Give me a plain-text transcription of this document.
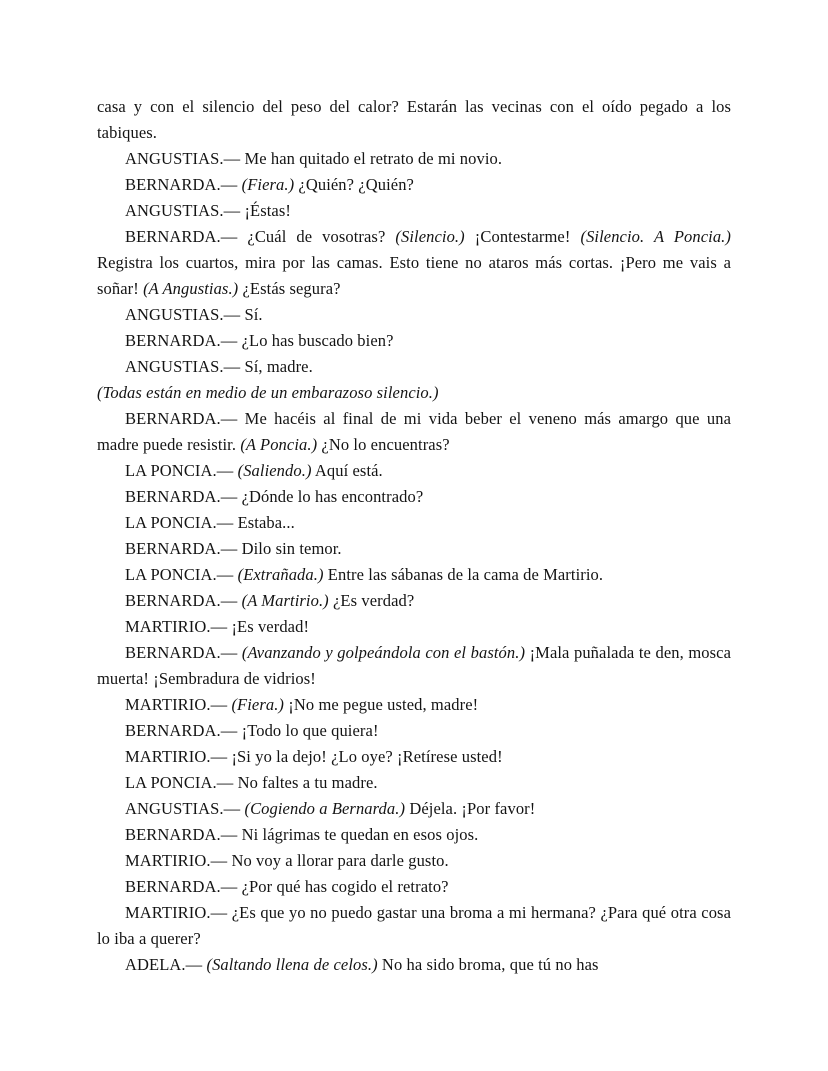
casa y con el silencio del peso del calor? Estarán las vecinas con el oído pegado a los tabiques.

ANGUSTIAS.— Me han quitado el retrato de mi novio.

BERNARDA.— (Fiera.) ¿Quién? ¿Quién?

ANGUSTIAS.— ¡Éstas!

BERNARDA.— ¿Cuál de vosotras? (Silencio.) ¡Contestarme! (Silencio. A Poncia.) Registra los cuartos, mira por las camas. Esto tiene no ataros más cortas. ¡Pero me vais a soñar! (A Angustias.) ¿Estás segura?

ANGUSTIAS.— Sí.

BERNARDA.— ¿Lo has buscado bien?

ANGUSTIAS.— Sí, madre.

(Todas están en medio de un embarazoso silencio.)

BERNARDA.— Me hacéis al final de mi vida beber el veneno más amargo que una madre puede resistir. (A Poncia.) ¿No lo encuentras?

LA PONCIA.— (Saliendo.) Aquí está.

BERNARDA.— ¿Dónde lo has encontrado?

LA PONCIA.— Estaba...

BERNARDA.— Dilo sin temor.

LA PONCIA.— (Extrañada.) Entre las sábanas de la cama de Martirio.

BERNARDA.— (A Martirio.) ¿Es verdad?

MARTIRIO.— ¡Es verdad!

BERNARDA.— (Avanzando y golpeándola con el bastón.) ¡Mala puñalada te den, mosca muerta! ¡Sembradura de vidrios!

MARTIRIO.— (Fiera.) ¡No me pegue usted, madre!

BERNARDA.— ¡Todo lo que quiera!

MARTIRIO.— ¡Si yo la dejo! ¿Lo oye? ¡Retírese usted!

LA PONCIA.— No faltes a tu madre.

ANGUSTIAS.— (Cogiendo a Bernarda.) Déjela. ¡Por favor!

BERNARDA.— Ni lágrimas te quedan en esos ojos.

MARTIRIO.— No voy a llorar para darle gusto.

BERNARDA.— ¿Por qué has cogido el retrato?

MARTIRIO.— ¿Es que yo no puedo gastar una broma a mi hermana? ¿Para qué otra cosa lo iba a querer?

ADELA.— (Saltando llena de celos.) No ha sido broma, que tú no has
